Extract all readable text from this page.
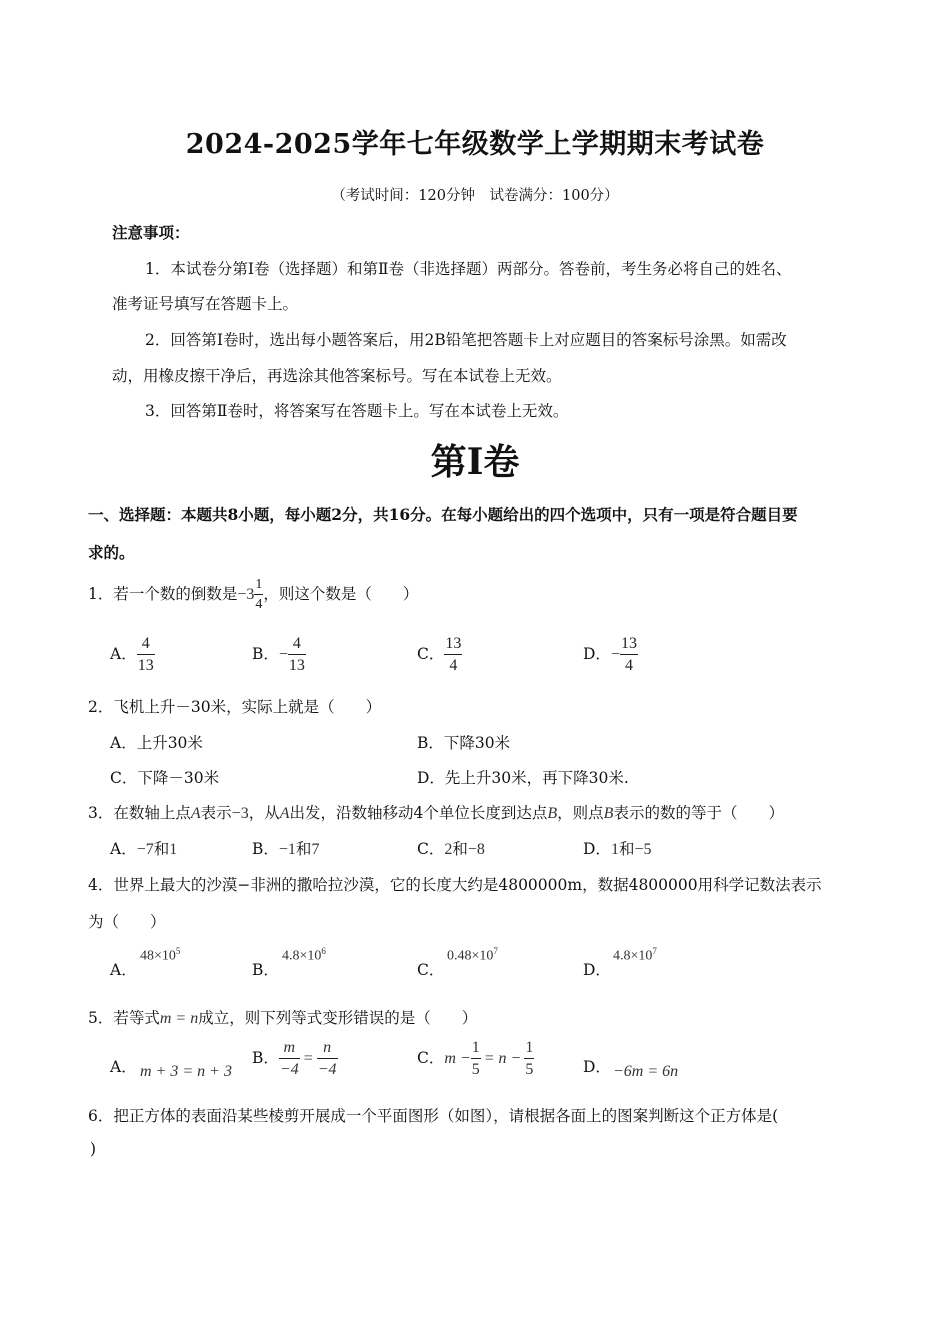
2024-2025学年七年级数学上学期期末考试卷
（考试时间：120分钟　试卷满分：100分）
注意事项：
1．本试卷分第Ⅰ卷（选择题）和第Ⅱ卷（非选择题）两部分。答卷前，考生务必将自己的姓名、
准考证号填写在答题卡上。
2．回答第Ⅰ卷时，选出每小题答案后，用2B铅笔把答题卡上对应题目的答案标号涂黑。如需改
动，用橡皮擦干净后，再选涂其他答案标号。写在本试卷上无效。
3．回答第Ⅱ卷时，将答案写在答题卡上。写在本试卷上无效。
第Ⅰ卷
一、选择题：本题共8小题，每小题2分，共16分。在每小题给出的四个选项中，只有一项是符合题目要
求的。
1．若一个数的倒数是$-3 \frac{1}{4}$ ，则这个数是（　　）
A． $\frac{4}{13}$	B．− $\frac{4}{13}$	C． $\frac{13}{4}$	D．− $\frac{13}{4}$
2．飞机上升－30米，实际上就是（　　）
A．上升30米	B．下降30米
C．下降－30米	D．先上升30米，再下降30米.
3．在数轴上点A表示−3，从A出发，沿数轴移动4个单位长度到达点B，则点B表示的数的等于（　　）
A．−7和1	B．−1和7	C．2和−8	D．1和−5
4．世界上最大的沙漠−非洲的撒哈拉沙漠，它的长度大约是4800000m，数据4800000用科学记数法表示
为（　　）
A．
$48\times 10^5$
B．
$4.8\times 10^6$
C．
$0.48\times 10^7$
D．
$4.8\times 10^7$
5．若等式m = n成立，则下列等式变形错误的是（　　）
A． m + 3 = n + 3
B． $\frac{m}{-4} = \frac{n}{-4}$	C．$m - \frac{1}{5} = n - \frac{1}{5}$	D． −6m = 6n
6．把正方体的表面沿某些棱剪开展成一个平面图形（如图），请根据各面上的图案判断这个正方体是(
)
